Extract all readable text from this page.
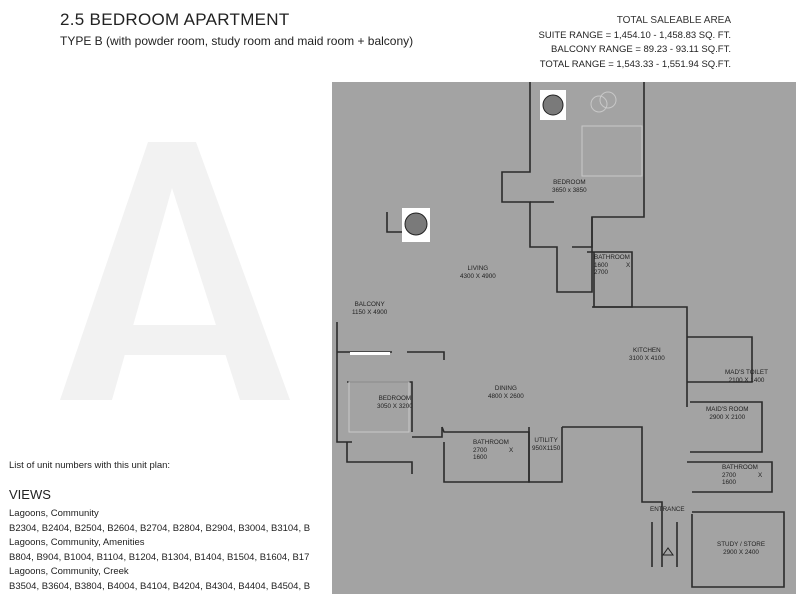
2.5 BEDROOM APARTMENT
TYPE B (with powder room, study room and maid room + balcony)
TOTAL SALEABLE AREA
SUITE RANGE = 1,454.10 - 1,458.83 SQ. FT.
BALCONY RANGE = 89.23 - 93.11 SQ.FT.
TOTAL RANGE = 1,543.33 - 1,551.94 SQ.FT.
BEDROOM
3650 x 3850
BATHROOM
1600	X
2700
LIVING
4300 X 4900
BALCONY
1150 X 4900
KITCHEN
3100 X 4100
MAD'S TOILET
2100 X 1400
MAID'S ROOM
2900 X 2100
DINING
4800 X 2600
BEDROOM
3050 X 3200
BATHROOM
2700	X
1600
UTILITY
950X1150
BATHROOM
2700	X
1600
ENTRANCE
STUDY / STORE
2900 X 2400
List of unit numbers with this unit plan:
VIEWS
Lagoons, Community
B2304, B2404, B2504, B2604, B2704, B2804, B2904, B3004, B3104, B
Lagoons, Community, Amenities
B804, B904, B1004, B1104, B1204, B1304, B1404, B1504, B1604, B17
Lagoons, Community, Creek
B3504, B3604, B3804, B4004, B4104, B4204, B4304, B4404, B4504, B
